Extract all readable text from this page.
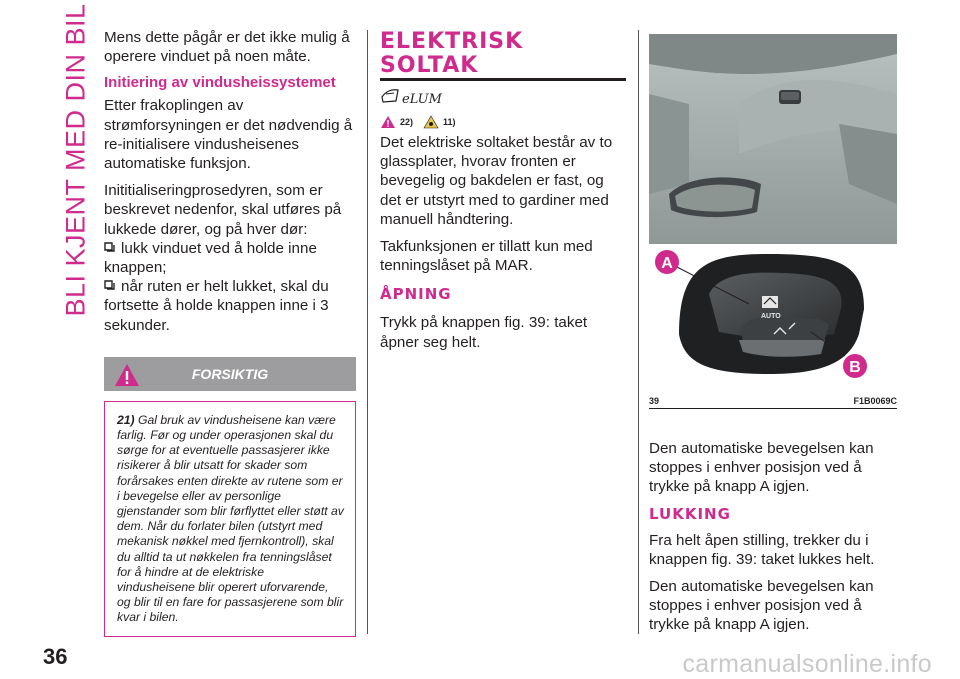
BLI KJENT MED DIN BIL Mens dette pågår er det ikke mulig å operere vinduet på noen måte.

Initiering av vindusheissystemet

Etter frakoplingen av strømforsyningen er det nødvendig å re-initialisere vindusheisenes automatiske funksjon.

Inititialiseringprosedyren, som er beskrevet nedenfor, skal utføres på lukkede dører, og på hver dør:

lukk vinduet ved å holde inne knappen;
når ruten er helt lukket, skal du fortsette å holde knappen inne i 3 sekunder.
FORSIKTIG

21) Gal bruk av vindusheisene kan være farlig. Før og under operasjonen skal du sørge for at eventuelle passasjerer ikke risikerer å blir utsatt for skader som forårsakes enten direkte av rutene som er i bevegelse eller av personlige gjenstander som blir førflyttet eller støtt av dem. Når du forlater bilen (utstyrt med mekanisk nøkkel med fjernkontroll), skal du alltid ta ut nøkkelen fra tenningslåset for å hindre at de elektriske vindusheisene blir operert uforvarende, og blir til en fare for passasjerene som blir kvar i bilen.

ELEKTRISK SOLTAK
eLUM
22)	11)

Det elektriske soltaket består av to glassplater, hvorav fronten er bevegelig og bakdelen er fast, og det er utstyrt med to gardiner med manuell håndtering.

Takfunksjonen er tillatt kun med tenningslåset på MAR.

ÅPNING

Trykk på knappen fig. 39: taket åpner seg helt.

AUTO
A
B
39	F1B0069C

Den automatiske bevegelsen kan stoppes i enhver posisjon ved å trykke på knapp A igjen.

LUKKING

Fra helt åpen stilling, trekker du i knappen fig. 39: taket lukkes helt.

Den automatiske bevegelsen kan stoppes i enhver posisjon ved å trykke på knapp A igjen.

36	carmanualsonline.info
